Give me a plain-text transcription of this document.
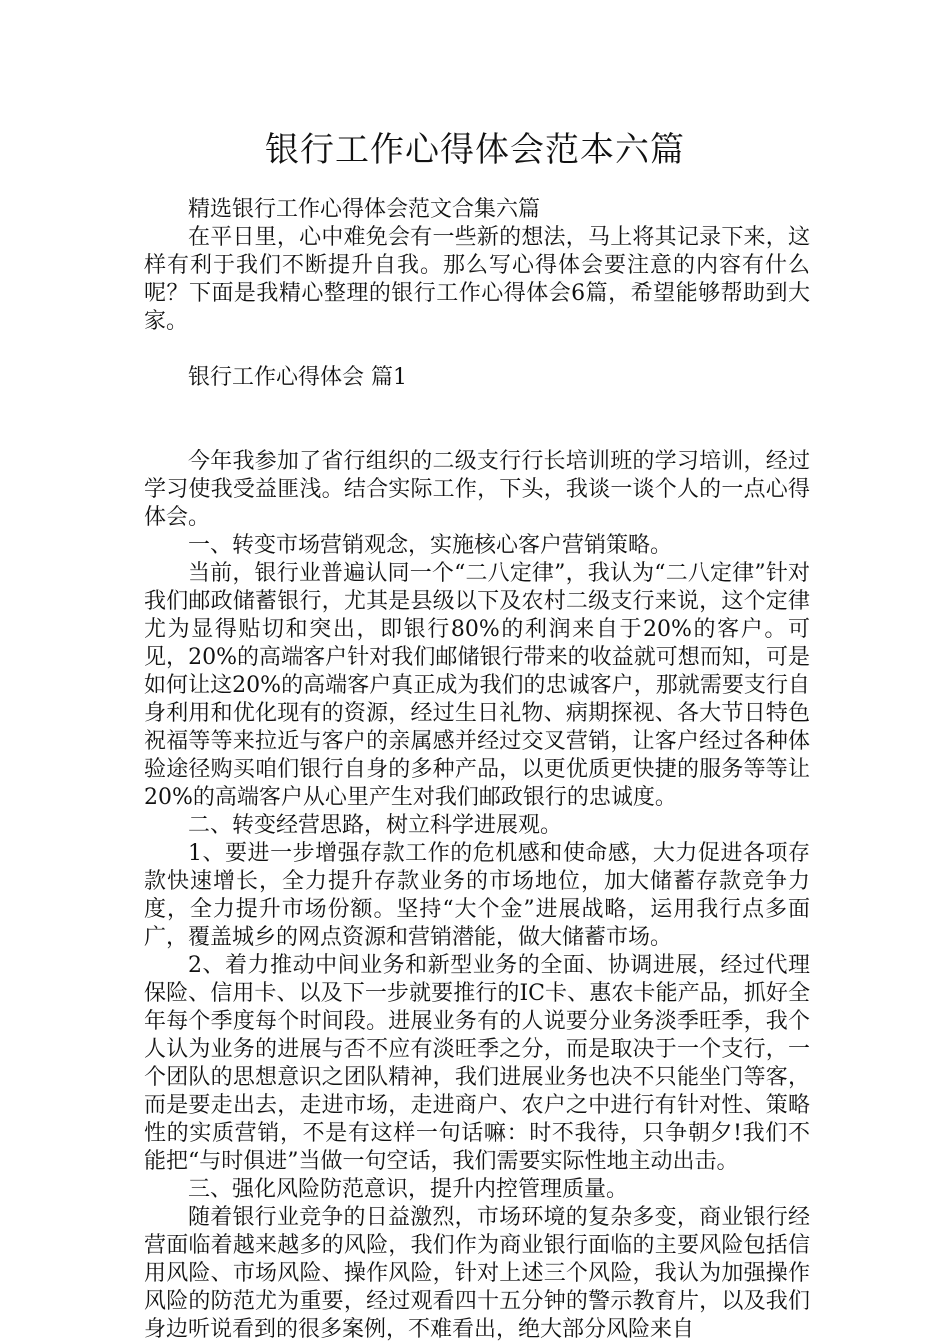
银行工作心得体会范本六篇

精选银行工作心得体会范文合集六篇

在平日里，心中难免会有一些新的想法，马上将其记录下来，这样有利于我们不断提升自我。那么写心得体会要注意的内容有什么呢？下面是我精心整理的银行工作心得体会6篇，希望能够帮助到大家。

银行工作心得体会 篇1

今年我参加了省行组织的二级支行行长培训班的学习培训，经过学习使我受益匪浅。结合实际工作，下头，我谈一谈个人的一点心得体会。

一、转变市场营销观念，实施核心客户营销策略。

当前，银行业普遍认同一个“二八定律”，我认为“二八定律”针对我们邮政储蓄银行，尤其是县级以下及农村二级支行来说，这个定律尤为显得贴切和突出，即银行80%的利润来自于20%的客户。可见，20%的高端客户针对我们邮储银行带来的收益就可想而知，可是如何让这20%的高端客户真正成为我们的忠诚客户，那就需要支行自身利用和优化现有的资源，经过生日礼物、病期探视、各大节日特色祝福等等来拉近与客户的亲属感并经过交叉营销，让客户经过各种体验途径购买咱们银行自身的多种产品，以更优质更快捷的服务等等让20%的高端客户从心里产生对我们邮政银行的忠诚度。

二、转变经营思路，树立科学进展观。

1、要进一步增强存款工作的危机感和使命感，大力促进各项存款快速增长，全力提升存款业务的市场地位，加大储蓄存款竞争力度，全力提升市场份额。坚持“大个金”进展战略，运用我行点多面广，覆盖城乡的网点资源和营销潜能，做大储蓄市场。

2、着力推动中间业务和新型业务的全面、协调进展，经过代理保险、信用卡、以及下一步就要推行的IC卡、惠农卡能产品，抓好全年每个季度每个时间段。进展业务有的人说要分业务淡季旺季，我个人认为业务的进展与否不应有淡旺季之分，而是取决于一个支行，一个团队的思想意识之团队精神，我们进展业务也决不只能坐门等客，而是要走出去，走进市场，走进商户、农户之中进行有针对性、策略性的实质营销，不是有这样一句话嘛：时不我待，只争朝夕!我们不能把“与时俱进”当做一句空话，我们需要实际性地主动出击。

三、强化风险防范意识，提升内控管理质量。

随着银行业竞争的日益激烈，市场环境的复杂多变，商业银行经营面临着越来越多的风险，我们作为商业银行面临的主要风险包括信用风险、市场风险、操作风险，针对上述三个风险，我认为加强操作风险的防范尤为重要，经过观看四十五分钟的警示教育片，以及我们身边听说看到的很多案例，不难看出，绝大部分风险来自
